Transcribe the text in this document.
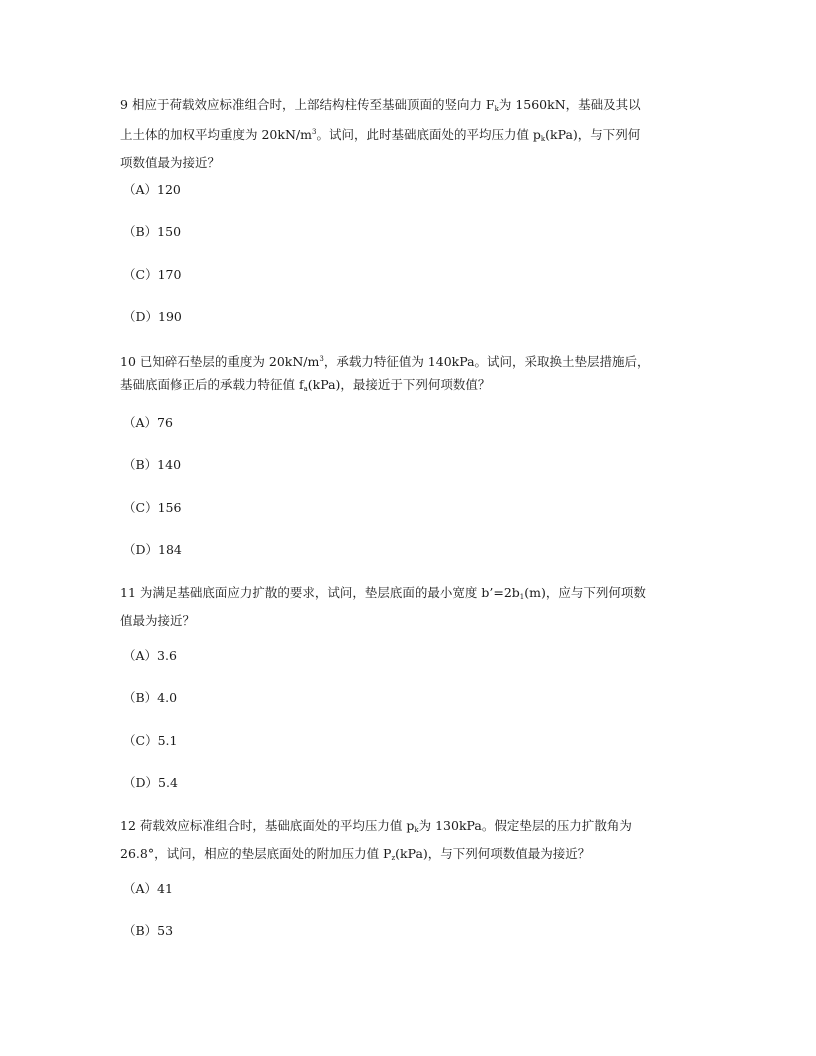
9 相应于荷载效应标准组合时，上部结构柱传至基础顶面的竖向力 $F_k$为 1560kN，基础及其以
上土体的加权平均重度为 $20kN/m^3$。试问，此时基础底面处的平均压力值 $p_k(kPa)$，与下列何
项数值最为接近？
（A）120
（B）150
（C）170
（D）190
10 已知碎石垫层的重度为 $20kN/m^3$，承载力特征值为 140kPa。试问，采取换土垫层措施后，
基础底面修正后的承载力特征值 $f_a(kPa)$，最接近于下列何项数值？
（A）76
（B）140
（C）156
（D）184
11 为满足基础底面应力扩散的要求，试问，垫层底面的最小宽度 $b’=2b_1(m)$，应与下列何项数
值最为接近？
（A）3.6
（B）4.0
（C）5.1
（D）5.4
12 荷载效应标准组合时，基础底面处的平均压力值 $p_k$为 130kPa。假定垫层的压力扩散角为
26.8°，试问，相应的垫层底面处的附加压力值 $P_z(kPa)$，与下列何项数值最为接近？
（A）41
（B）53
